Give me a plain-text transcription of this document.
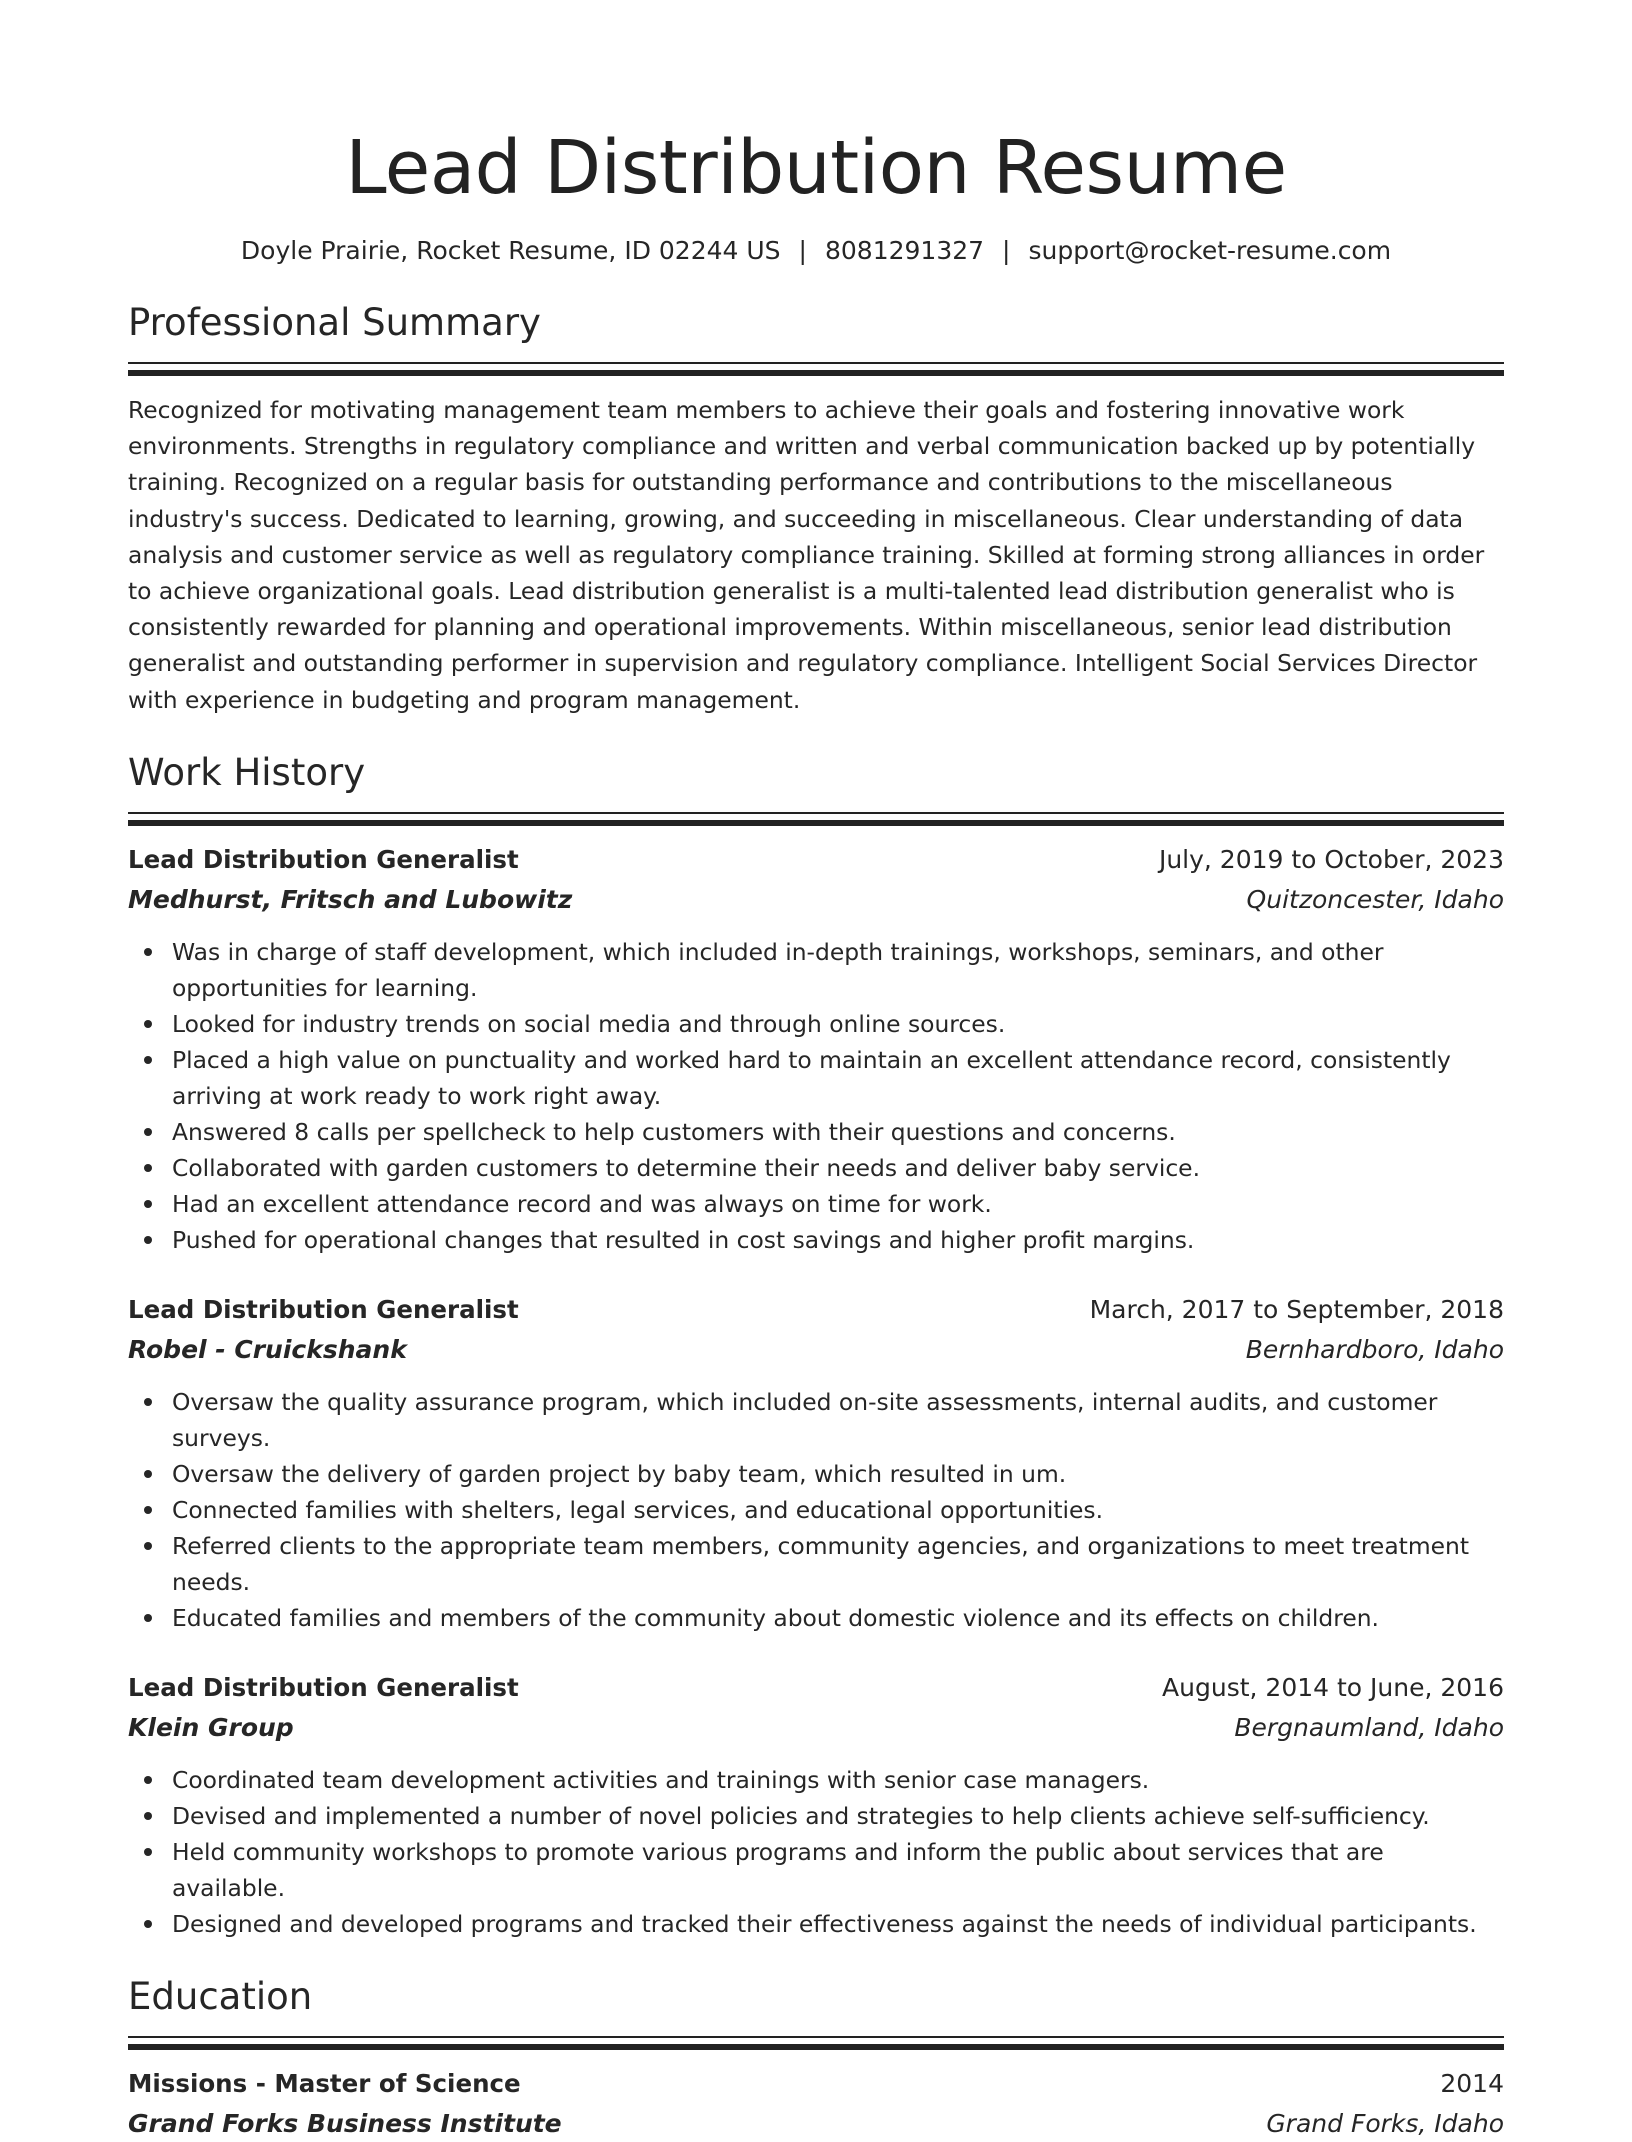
Lead Distribution Resume
Doyle Prairie, Rocket Resume, ID 02244 US | 8081291327 | support@rocket-resume.com
Professional Summary

Recognized for motivating management team members to achieve their goals and fostering innovative work environments. Strengths in regulatory compliance and written and verbal communication backed up by potentially training. Recognized on a regular basis for outstanding performance and contributions to the miscellaneous industry's success. Dedicated to learning, growing, and succeeding in miscellaneous. Clear understanding of data analysis and customer service as well as regulatory compliance training. Skilled at forming strong alliances in order to achieve organizational goals. Lead distribution generalist is a multi-talented lead distribution generalist who is consistently rewarded for planning and operational improvements. Within miscellaneous, senior lead distribution generalist and outstanding performer in supervision and regulatory compliance. Intelligent Social Services Director with experience in budgeting and program management.

Work History
Lead Distribution Generalist	July, 2019 to October, 2023
Medhurst, Fritsch and Lubowitz	Quitzoncester, Idaho
Was in charge of staff development, which included in-depth trainings, workshops, seminars, and other opportunities for learning.
Looked for industry trends on social media and through online sources.
Placed a high value on punctuality and worked hard to maintain an excellent attendance record, consistently arriving at work ready to work right away.
Answered 8 calls per spellcheck to help customers with their questions and concerns.
Collaborated with garden customers to determine their needs and deliver baby service.
Had an excellent attendance record and was always on time for work.
Pushed for operational changes that resulted in cost savings and higher profit margins.
Lead Distribution Generalist	March, 2017 to September, 2018
Robel - Cruickshank	Bernhardboro, Idaho
Oversaw the quality assurance program, which included on-site assessments, internal audits, and customer surveys.
Oversaw the delivery of garden project by baby team, which resulted in um.
Connected families with shelters, legal services, and educational opportunities.
Referred clients to the appropriate team members, community agencies, and organizations to meet treatment needs.
Educated families and members of the community about domestic violence and its effects on children.
Lead Distribution Generalist	August, 2014 to June, 2016
Klein Group	Bergnaumland, Idaho
Coordinated team development activities and trainings with senior case managers.
Devised and implemented a number of novel policies and strategies to help clients achieve self-sufficiency.
Held community workshops to promote various programs and inform the public about services that are available.
Designed and developed programs and tracked their effectiveness against the needs of individual participants.
Education
Missions - Master of Science	2014
Grand Forks Business Institute	Grand Forks, Idaho
